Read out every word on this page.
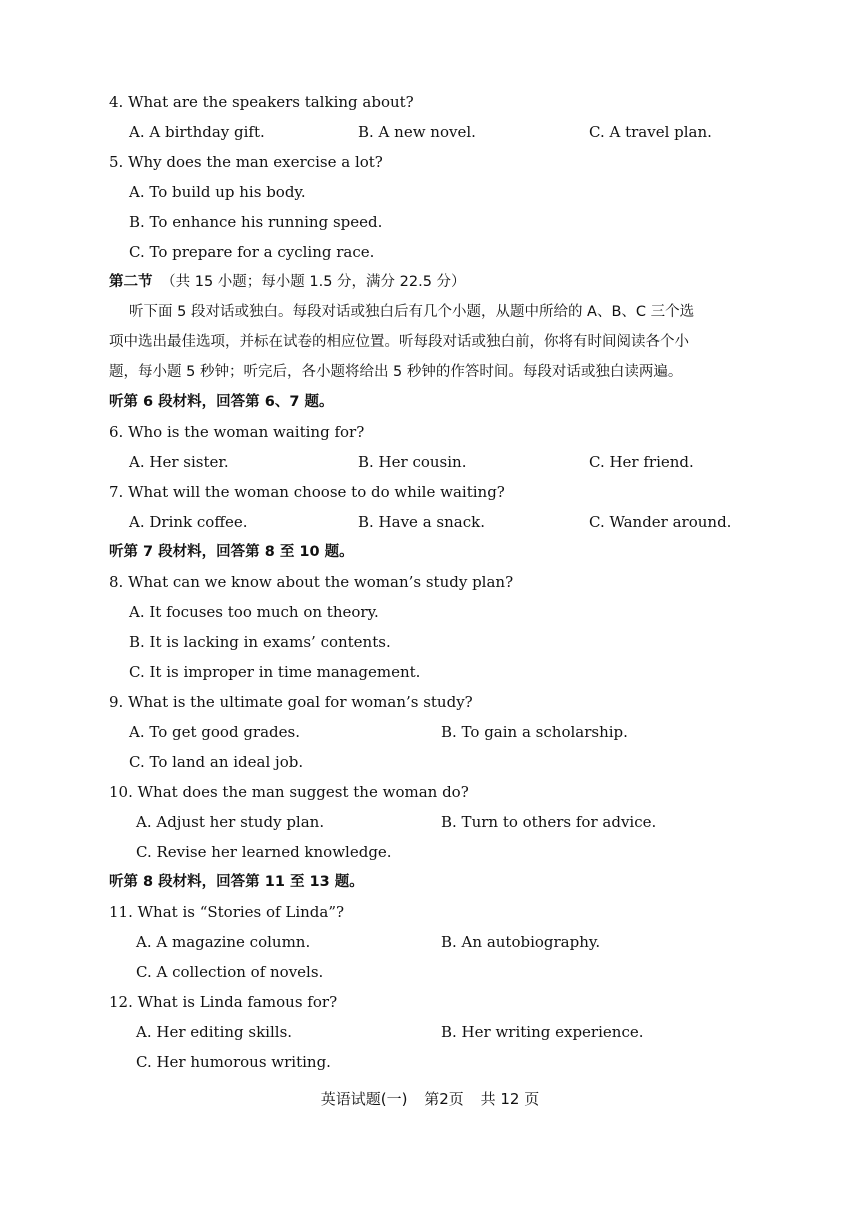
4. What are the speakers talking about?
A. A birthday gift.	B. A new novel.	C. A travel plan.
5. Why does the man exercise a lot?
A. To build up his body.
B. To enhance his running speed.
C. To prepare for a cycling race.
第二节 （共 15 小题；每小题 1.5 分，满分 22.5 分）
听下面 5 段对话或独白。每段对话或独白后有几个小题，从题中所给的 A、B、C 三个选
项中选出最佳选项，并标在试卷的相应位置。听每段对话或独白前，你将有时间阅读各个小
题，每小题 5 秒钟；听完后，各小题将给出 5 秒钟的作答时间。每段对话或独白读两遍。
听第 6 段材料，回答第 6、7 题。
6. Who is the woman waiting for?
A. Her sister.	B. Her cousin.	C. Her friend.
7. What will the woman choose to do while waiting?
A. Drink coffee.	B. Have a snack.	C. Wander around.
听第 7 段材料，回答第 8 至 10 题。
8. What can we know about the woman’s study plan?
A. It focuses too much on theory.
B. It is lacking in exams’ contents.
C. It is improper in time management.
9. What is the ultimate goal for woman’s study?
A. To get good grades.	B. To gain a scholarship.
C. To land an ideal job.
10. What does the man suggest the woman do?
A. Adjust her study plan.	B. Turn to others for advice.
C. Revise her learned knowledge.
听第 8 段材料，回答第 11 至 13 题。
11. What is “Stories of Linda”?
A. A magazine column.	B. An autobiography.
C. A collection of novels.
12. What is Linda famous for?
A. Her editing skills.	B. Her writing experience.
C. Her humorous writing.
英语试题(一) 第2页 共 12 页
